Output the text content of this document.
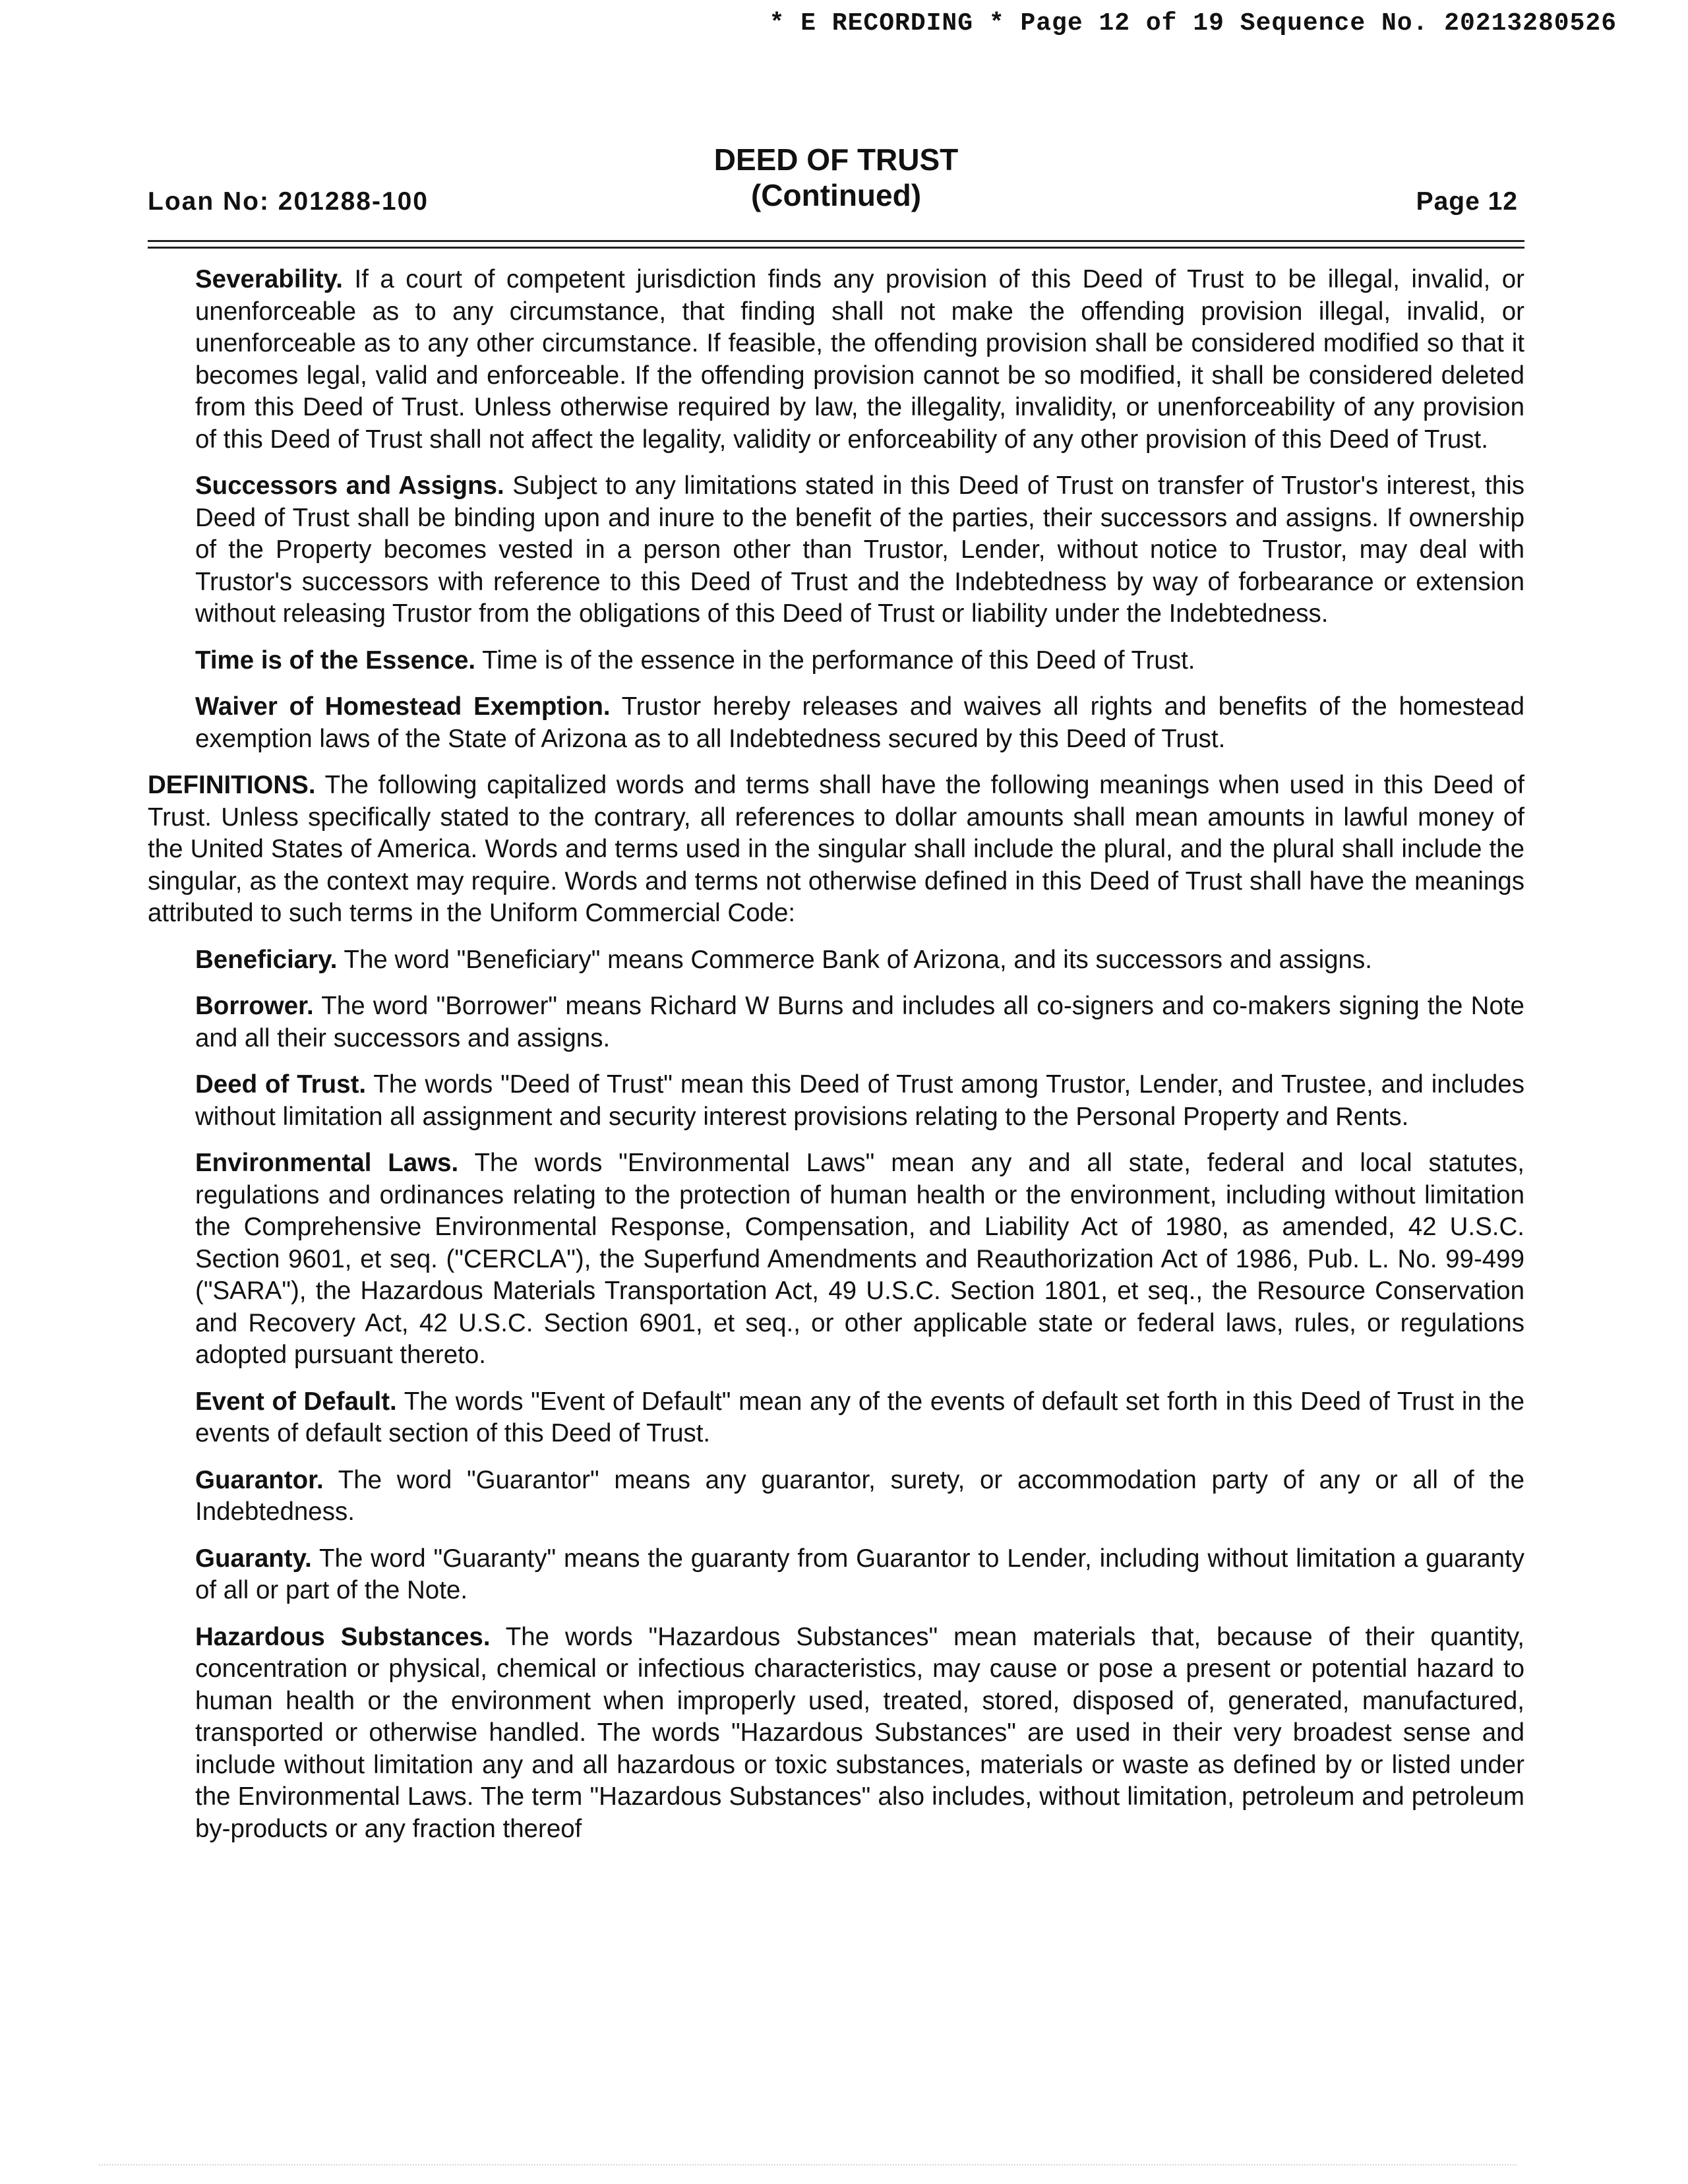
* E RECORDING * Page 12 of 19 Sequence No. 20213280526
Loan No: 201288-100
DEED OF TRUST
(Continued)	Page 12

Severability. If a court of competent jurisdiction finds any provision of this Deed of Trust to be illegal, invalid, or unenforceable as to any circumstance, that finding shall not make the offending provision illegal, invalid, or unenforceable as to any other circumstance. If feasible, the offending provision shall be considered modified so that it becomes legal, valid and enforceable. If the offending provision cannot be so modified, it shall be considered deleted from this Deed of Trust. Unless otherwise required by law, the illegality, invalidity, or unenforceability of any provision of this Deed of Trust shall not affect the legality, validity or enforceability of any other provision of this Deed of Trust.

Successors and Assigns. Subject to any limitations stated in this Deed of Trust on transfer of Trustor's interest, this Deed of Trust shall be binding upon and inure to the benefit of the parties, their successors and assigns. If ownership of the Property becomes vested in a person other than Trustor, Lender, without notice to Trustor, may deal with Trustor's successors with reference to this Deed of Trust and the Indebtedness by way of forbearance or extension without releasing Trustor from the obligations of this Deed of Trust or liability under the Indebtedness.

Time is of the Essence. Time is of the essence in the performance of this Deed of Trust.

Waiver of Homestead Exemption. Trustor hereby releases and waives all rights and benefits of the homestead exemption laws of the State of Arizona as to all Indebtedness secured by this Deed of Trust.

DEFINITIONS. The following capitalized words and terms shall have the following meanings when used in this Deed of Trust. Unless specifically stated to the contrary, all references to dollar amounts shall mean amounts in lawful money of the United States of America. Words and terms used in the singular shall include the plural, and the plural shall include the singular, as the context may require. Words and terms not otherwise defined in this Deed of Trust shall have the meanings attributed to such terms in the Uniform Commercial Code:

Beneficiary. The word "Beneficiary" means Commerce Bank of Arizona, and its successors and assigns.

Borrower. The word "Borrower" means Richard W Burns and includes all co-signers and co-makers signing the Note and all their successors and assigns.

Deed of Trust. The words "Deed of Trust" mean this Deed of Trust among Trustor, Lender, and Trustee, and includes without limitation all assignment and security interest provisions relating to the Personal Property and Rents.

Environmental Laws. The words "Environmental Laws" mean any and all state, federal and local statutes, regulations and ordinances relating to the protection of human health or the environment, including without limitation the Comprehensive Environmental Response, Compensation, and Liability Act of 1980, as amended, 42 U.S.C. Section 9601, et seq. ("CERCLA"), the Superfund Amendments and Reauthorization Act of 1986, Pub. L. No. 99-499 ("SARA"), the Hazardous Materials Transportation Act, 49 U.S.C. Section 1801, et seq., the Resource Conservation and Recovery Act, 42 U.S.C. Section 6901, et seq., or other applicable state or federal laws, rules, or regulations adopted pursuant thereto.

Event of Default. The words "Event of Default" mean any of the events of default set forth in this Deed of Trust in the events of default section of this Deed of Trust.

Guarantor. The word "Guarantor" means any guarantor, surety, or accommodation party of any or all of the Indebtedness.

Guaranty. The word "Guaranty" means the guaranty from Guarantor to Lender, including without limitation a guaranty of all or part of the Note.

Hazardous Substances. The words "Hazardous Substances" mean materials that, because of their quantity, concentration or physical, chemical or infectious characteristics, may cause or pose a present or potential hazard to human health or the environment when improperly used, treated, stored, disposed of, generated, manufactured, transported or otherwise handled. The words "Hazardous Substances" are used in their very broadest sense and include without limitation any and all hazardous or toxic substances, materials or waste as defined by or listed under the Environmental Laws. The term "Hazardous Substances" also includes, without limitation, petroleum and petroleum by-products or any fraction thereof
